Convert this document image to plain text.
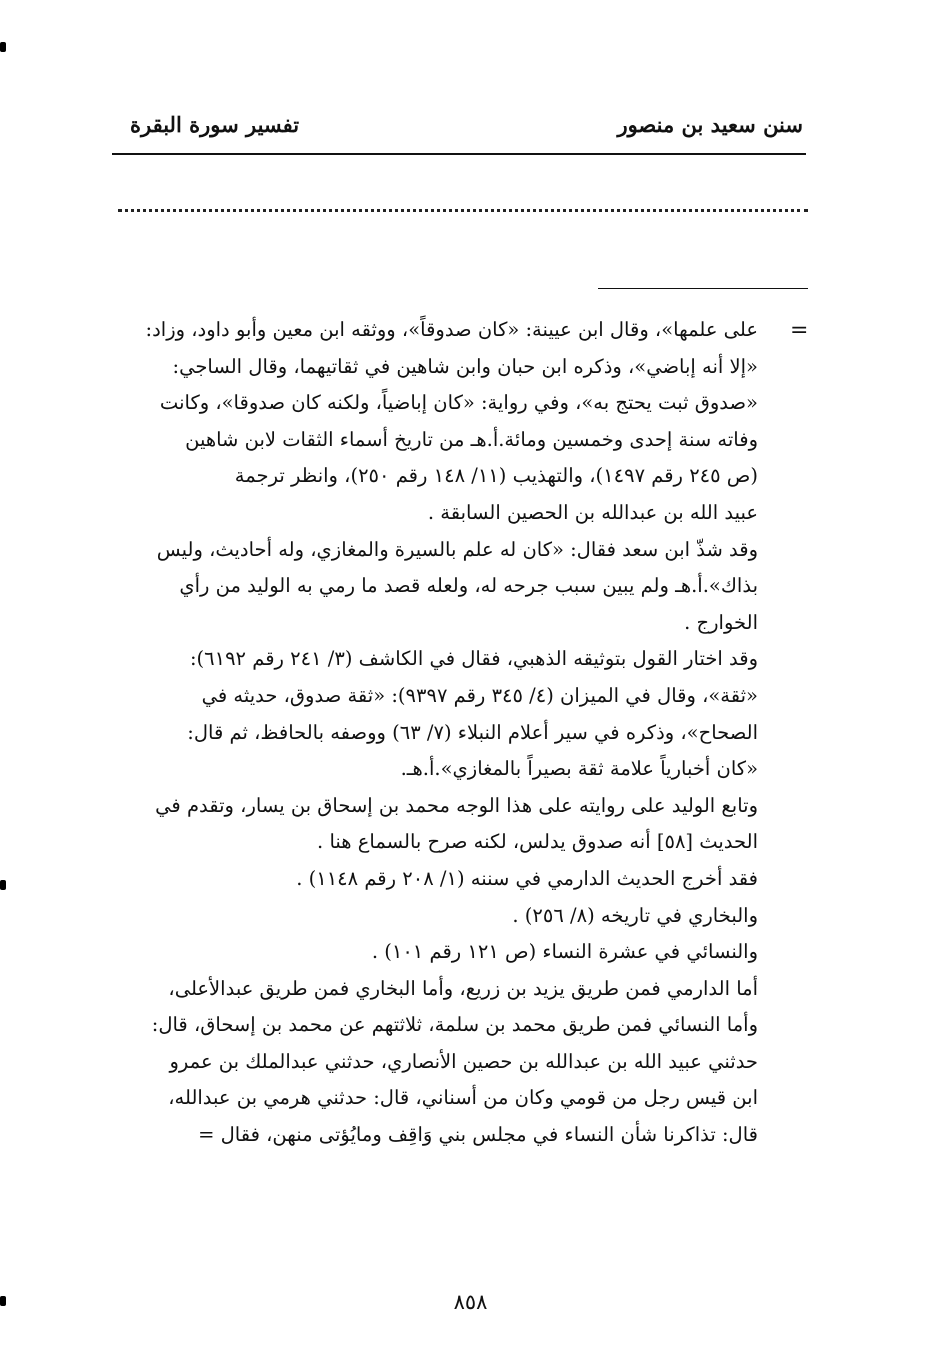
سنن سعيد بن منصور
تفسير سورة البقرة
=

على علمها»، وقال ابن عيينة: «كان صدوقاً»، ووثقه ابن معين وأبو داود، وزاد:

«إلا أنه إباضي»، وذكره ابن حبان وابن شاهين في ثقاتيهما، وقال الساجي:

«صدوق ثبت يحتج به»، وفي رواية: «كان إباضياً، ولكنه كان صدوقا»، وكانت

وفاته سنة إحدى وخمسين ومائة.أ.هـ من تاريخ أسماء الثقات لابن شاهين

(ص ٢٤٥ رقم ١٤٩٧)، والتهذيب (١١/ ١٤٨ رقم ٢٥٠)، وانظر ترجمة

عبيد الله بن عبدالله بن الحصين السابقة .

وقد شذّ ابن سعد فقال: «كان له علم بالسيرة والمغازي، وله أحاديث، وليس

بذاك».أ.هـ ولم يبين سبب جرحه له، ولعله قصد ما رمي به الوليد من رأي

الخوارج .

وقد اختار القول بتوثيقه الذهبي، فقال في الكاشف (٣/ ٢٤١ رقم ٦١٩٢):

«ثقة»، وقال في الميزان (٤/ ٣٤٥ رقم ٩٣٩٧): «ثقة صدوق، حديثه في

الصحاح»، وذكره في سير أعلام النبلاء (٧/ ٦٣) ووصفه بالحافظ، ثم قال:

«كان أخبارياً علامة ثقة بصيراً بالمغازي».أ.هـ.

وتابع الوليد على روايته على هذا الوجه محمد بن إسحاق بن يسار، وتقدم في

الحديث [٥٨] أنه صدوق يدلس، لكنه صرح بالسماع هنا .

فقد أخرج الحديث الدارمي في سننه (١/ ٢٠٨ رقم ١١٤٨) .

والبخاري في تاريخه (٨/ ٢٥٦) .

والنسائي في عشرة النساء (ص ١٢١ رقم ١٠١) .

أما الدارمي فمن طريق يزيد بن زريع، وأما البخاري فمن طريق عبدالأعلى،

وأما النسائي فمن طريق محمد بن سلمة، ثلاثتهم عن محمد بن إسحاق، قال:

حدثني عبيد الله بن عبدالله بن حصين الأنصاري، حدثني عبدالملك بن عمرو

ابن قيس رجل من قومي وكان من أسناني، قال: حدثني هرمي بن عبدالله،

قال: تذاكرنا شأن النساء في مجلس بني وَاقِف ومايُؤتى منهن، فقال =

٨٥٨
